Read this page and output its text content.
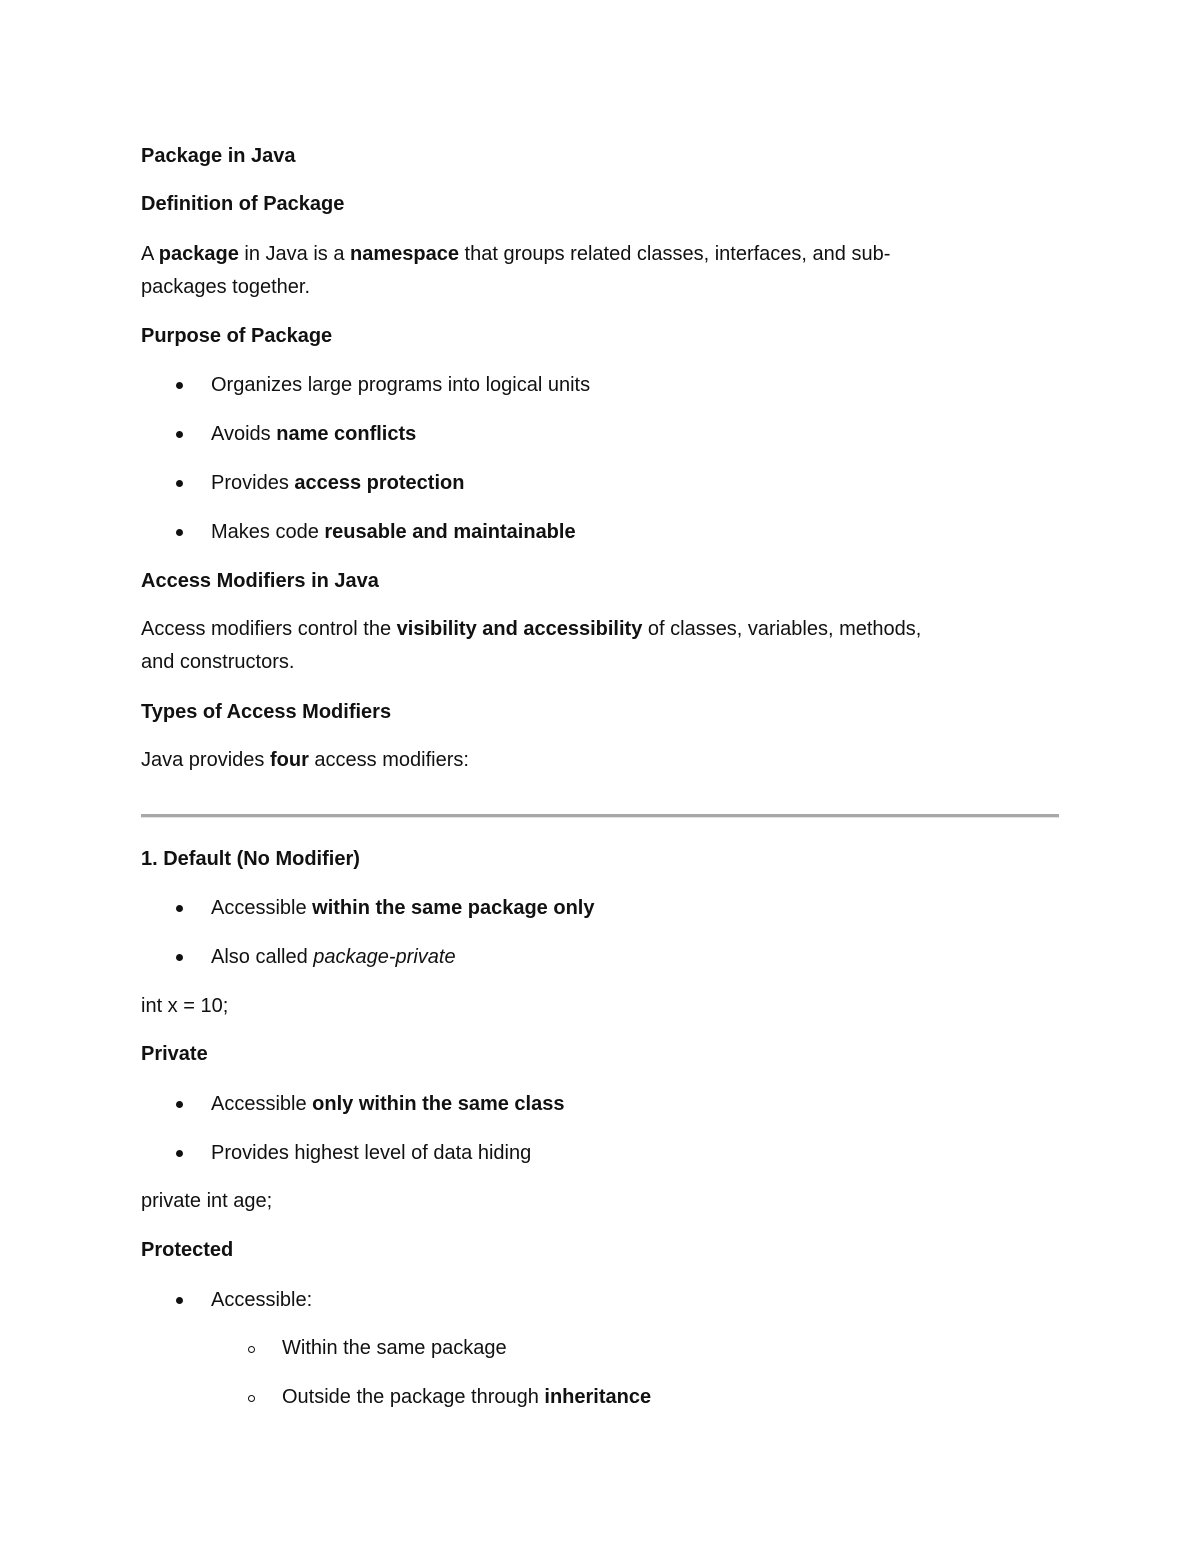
Package in Java

Definition of Package

A package in Java is a namespace that groups related classes, interfaces, and sub-

packages together.

Purpose of Package

Organizes large programs into logical units

Avoids name conflicts

Provides access protection

Makes code reusable and maintainable

Access Modifiers in Java

Access modifiers control the visibility and accessibility of classes, variables, methods,

and constructors.

Types of Access Modifiers

Java provides four access modifiers:

1. Default (No Modifier)

Accessible within the same package only

Also called package-private

int x = 10;

Private

Accessible only within the same class

Provides highest level of data hiding

private int age;

Protected

Accessible:

Within the same package

Outside the package through inheritance
